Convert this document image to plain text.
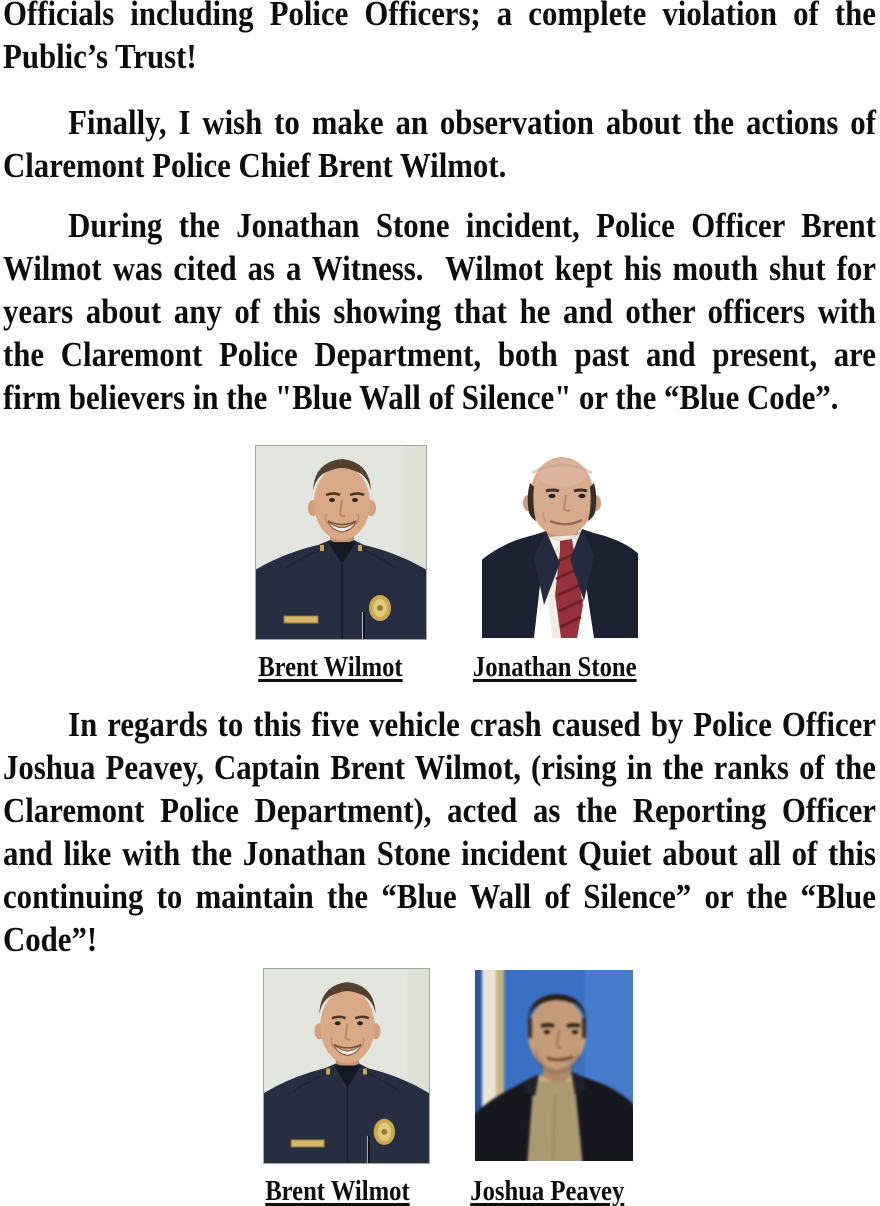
Officials including Police Officers; a complete violation of the
Public’s Trust!
Finally, I wish to make an observation about the actions of
Claremont Police Chief Brent Wilmot.
During the Jonathan Stone incident, Police Officer Brent
Wilmot was cited as a Witness.  Wilmot kept his mouth shut for
years about any of this showing that he and other officers with
the Claremont Police Department, both past and present, are
firm believers in the "Blue Wall of Silence" or the “Blue Code”.
In regards to this five vehicle crash caused by Police Officer
Joshua Peavey, Captain Brent Wilmot, (rising in the ranks of the
Claremont Police Department), acted as the Reporting Officer
and like with the Jonathan Stone incident Quiet about all of this
continuing to maintain the “Blue Wall of Silence” or the “Blue
Code”!
Brent Wilmot	Jonathan Stone
Brent Wilmot Joshua Peavey
